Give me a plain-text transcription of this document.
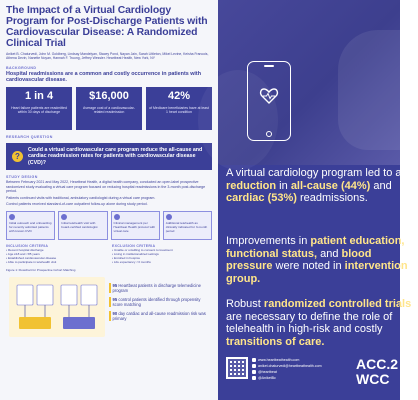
The Impact of a Virtual Cardiology Program for Post-Discharge Patients with Cardiovascular Disease: A Randomized Clinical Trial
Aniket B. Chaturvedi, John M. Goldberg, Lindsay Mandelyan, Stacey Pond, Nayan Jain, Sarah Littleton, Mikel Levine, Keisha Francois, Athena Devin, Nanette Noyan, Hannah F. Truong, Jeffrey Wessler. Heartbeat Health, New York, NY
BACKGROUND
Hospital readmissions are a common and costly occurrence in patients with cardiovascular disease.
1 in 4
Heart failure patients are readmitted within 30 days of discharge
$16,000
Average cost of a cardiovascular-related readmission
42%
of Medicare beneficiaries have at least 1 heart condition
RESEARCH QUESTION
?
Could a virtual cardiovascular care program reduce the all-cause and cardiac readmission rates for patients with cardiovascular disease (CVD)?
STUDY DESIGN
Between February 2021 and May 2022, Heartbeat Health, a digital health company, conducted an open-label prospective randomized study evaluating a virtual care program focused on reducing hospital readmissions in the 3-month post-discharge period.
Patients continued visits with traditional, ambulatory cardiologist during a virtual care program.
Control patients received standard-of-care outpatient follow-up alone during study period.
Initial outreach and onboarding for recently admitted patients with known CVD
Initial telehealth visit with board-certified cardiologist
Clinical management per Heartbeat Health protocol with virtual care
Additional telehealth as clinically indicated for 3-month period
INCLUSION CRITERIA
• Recent hospital discharge
• Age ≥18 and <85 years
• Established cardiovascular disease
• Able to participate in telehealth visit
EXCLUSION CRITERIA
• Unable or unwilling to consent to treatment
• Living in institutionalized settings
• Enrolled in hospice
• Life expectancy <3 months
Figure 1: Flowchart for Prospective Cohort Matching
95 Heartbeat patients in discharge telemedicine program
95 control patients identified through propensity score matching
90 day cardiac and all-cause readmission risk was primary
A virtual cardiology program led to a reduction in all-cause (44%) and cardiac (53%) readmissions.
Improvements in patient education, functional status, and blood pressure were noted in intervention group.
Robust randomized controlled trials are necessary to define the role of telehealth in high-risk and costly transitions of care.
www.heartbeathealth.com
aniket.chaturvedi@heartbeathealth.com
@heartbeat
@AniketBc
ACC.2
WCC
